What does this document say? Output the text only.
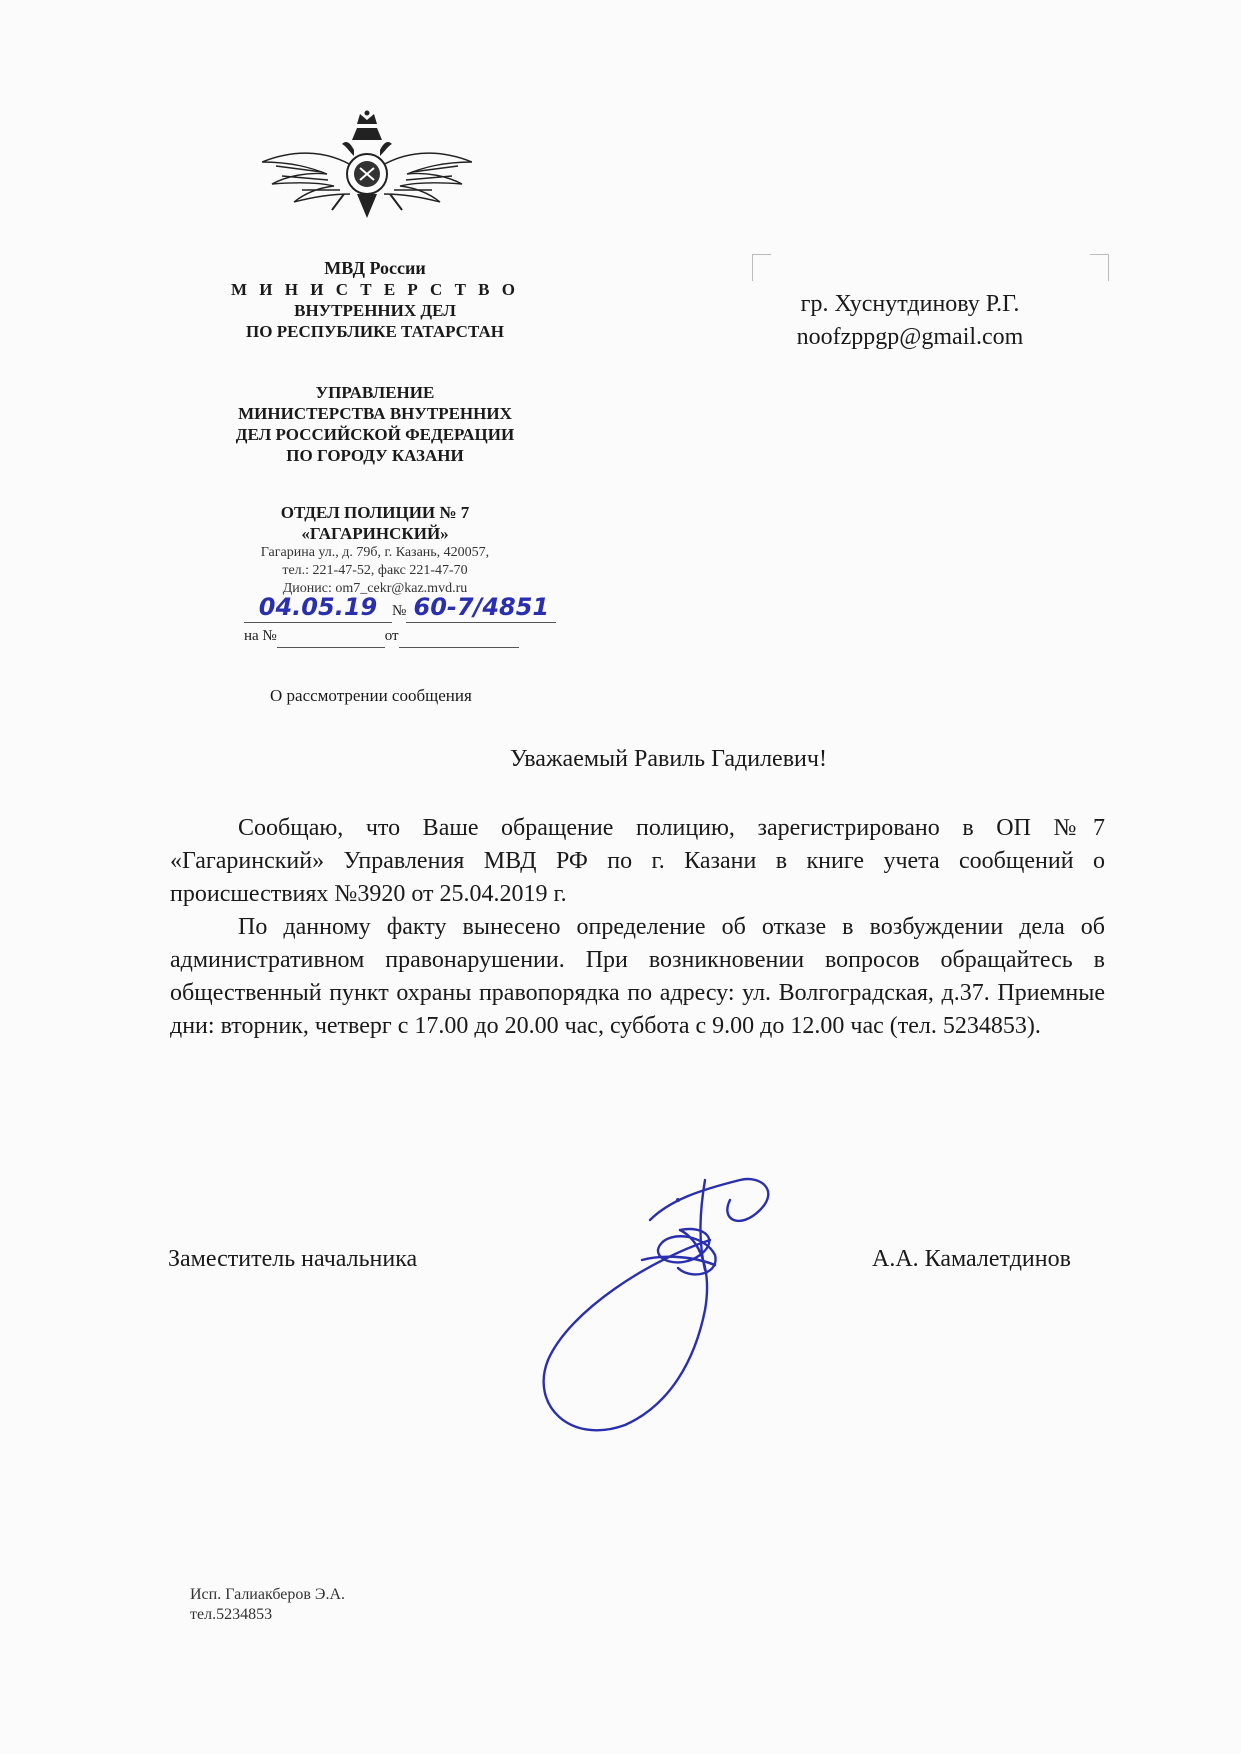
МВД России
М И Н И С Т Е Р С Т В О
ВНУТРЕННИХ ДЕЛ
ПО РЕСПУБЛИКЕ ТАТАРСТАН
УПРАВЛЕНИЕ
МИНИСТЕРСТВА ВНУТРЕННИХ
ДЕЛ РОССИЙСКОЙ ФЕДЕРАЦИИ
ПО ГОРОДУ КАЗАНИ
ОТДЕЛ ПОЛИЦИИ № 7
«ГАГАРИНСКИЙ»
Гагарина ул., д. 79б, г. Казань, 420057,
тел.: 221-47-52, факс 221-47-70
Дионис: om7_cekr@kaz.mvd.ru
04.05.19 № 60-7/4851
на №	от
О рассмотрении сообщения
гр. Хуснутдинову Р.Г.
noofzppgp@gmail.com
Уважаемый Равиль Гадилевич!

Сообщаю, что Ваше обращение полицию, зарегистрировано в ОП №7 «Гагаринский» Управления МВД РФ по г. Казани в книге учета сообщений о происшествиях №3920 от 25.04.2019 г.

По данному факту вынесено определение об отказе в возбуждении дела об административном правонарушении. При возникновении вопросов обращайтесь в общественный пункт охраны правопорядка по адресу: ул. Волгоградская, д.37. Приемные дни: вторник, четверг с 17.00 до 20.00 час, суббота с 9.00 до 12.00 час (тел. 5234853).

Заместитель начальника	А.А. Камалетдинов
Исп. Галиакберов Э.А.
тел.5234853
